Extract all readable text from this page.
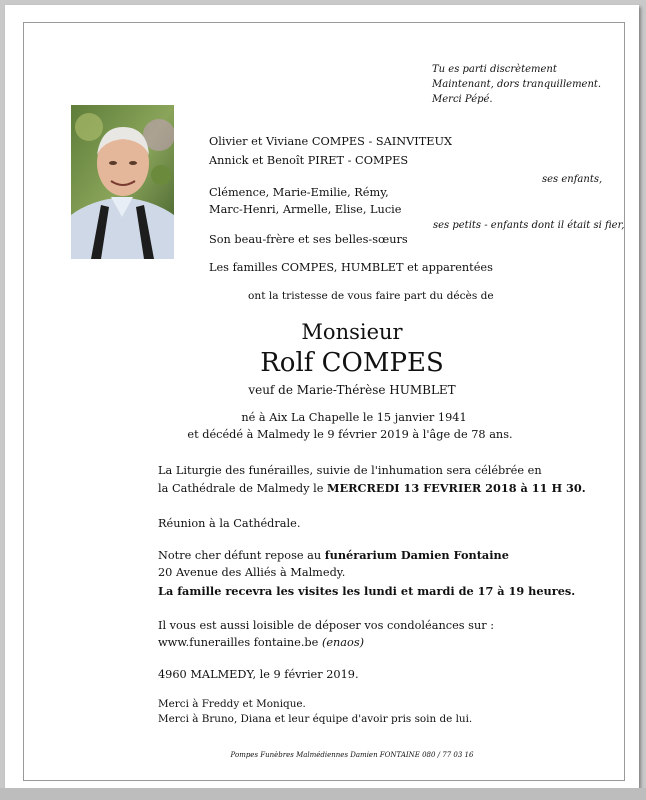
Tu es parti discrètement
Maintenant, dors tranquillement.
Merci Pépé.
Olivier et Viviane COMPES - SAINVITEUX
Annick et Benoît PIRET - COMPES
ses enfants,
Clémence, Marie-Emilie, Rémy,
Marc-Henri, Armelle, Elise, Lucie
ses petits - enfants dont il était si fier,
Son beau-frère et ses belles-sœurs
Les familles COMPES, HUMBLET et apparentées
ont la tristesse de vous faire part du décès de
Monsieur
Rolf COMPES
veuf de Marie-Thérèse HUMBLET
né à Aix La Chapelle le 15 janvier 1941
et décédé à Malmedy le 9 février 2019 à l'âge de 78 ans.
La Liturgie des funérailles, suivie de l'inhumation sera célébrée en
la Cathédrale de Malmedy le MERCREDI 13 FEVRIER 2018 à 11 H 30.
Réunion à la Cathédrale.
Notre cher défunt repose au funérarium Damien Fontaine
20 Avenue des Alliés à Malmedy.
La famille recevra les visites les lundi et mardi de 17 à 19 heures.
Il vous est aussi loisible de déposer vos condoléances sur :
www.funerailles fontaine.be (enaos)
4960 MALMEDY, le 9 février 2019.
Merci à Freddy et Monique.
Merci à Bruno, Diana et leur équipe d'avoir pris soin de lui.
Pompes Funèbres Malmédiennes Damien FONTAINE 080 / 77 03 16
